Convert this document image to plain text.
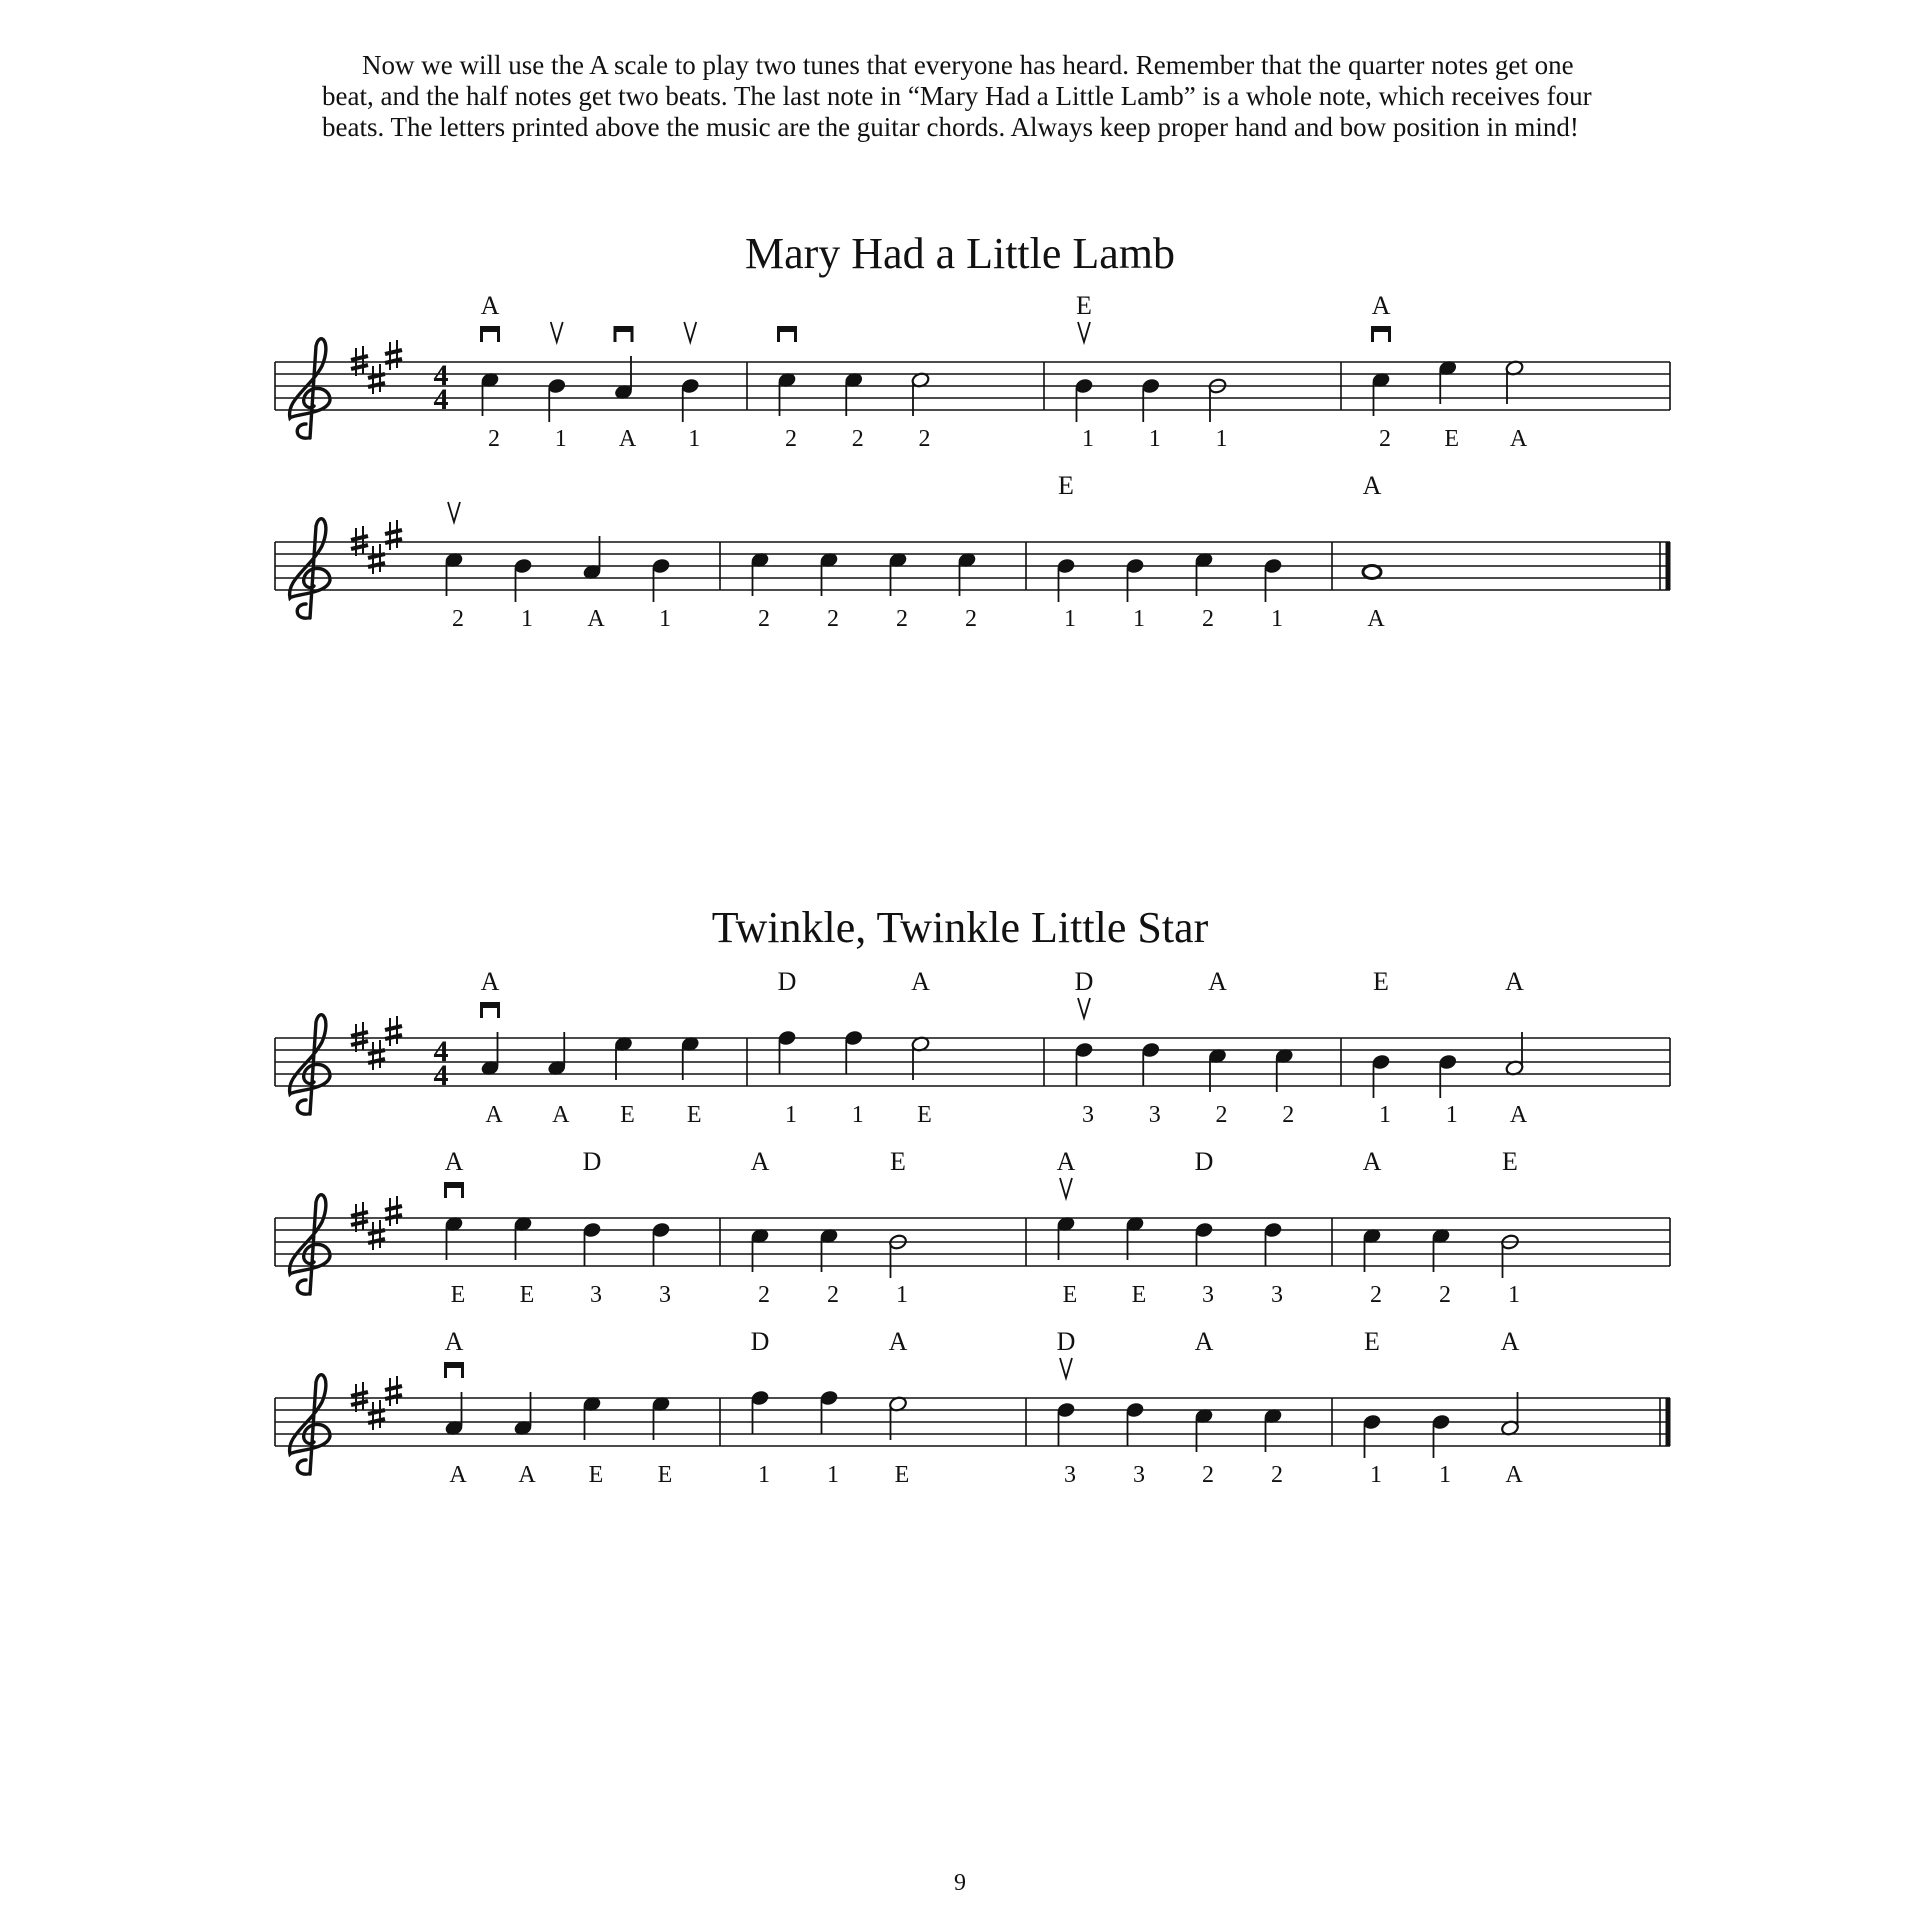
Now we will use the A scale to play two tunes that everyone has heard. Remember that the quarter notes get one beat, and the half notes get two beats. The last note in “Mary Had a Little Lamb” is a whole note, which receives four beats. The letters printed above the music are the guitar chords. Always keep proper hand and bow position in mind!

Mary Had a Little Lamb
Twinkle, Twinkle Little Star
4
4
2
A
1 A 1	2 2 2	1
E
1 1	2
A
E A
2 1 A 1	2 2 2 2	1
E
1 2 1	A
A
4
4
A
A
A E E	1
D
1 E
A
3
D
3 2
A
2	1
E
1 A
A
E
A
E 3
D
3	2
A
2 1
E
E
A
E 3
D
3	2
A
2 1
E
A
A
A E E	1
D
1 E
A
3
D
3 2
A
2	1
E
1 A
A
9
